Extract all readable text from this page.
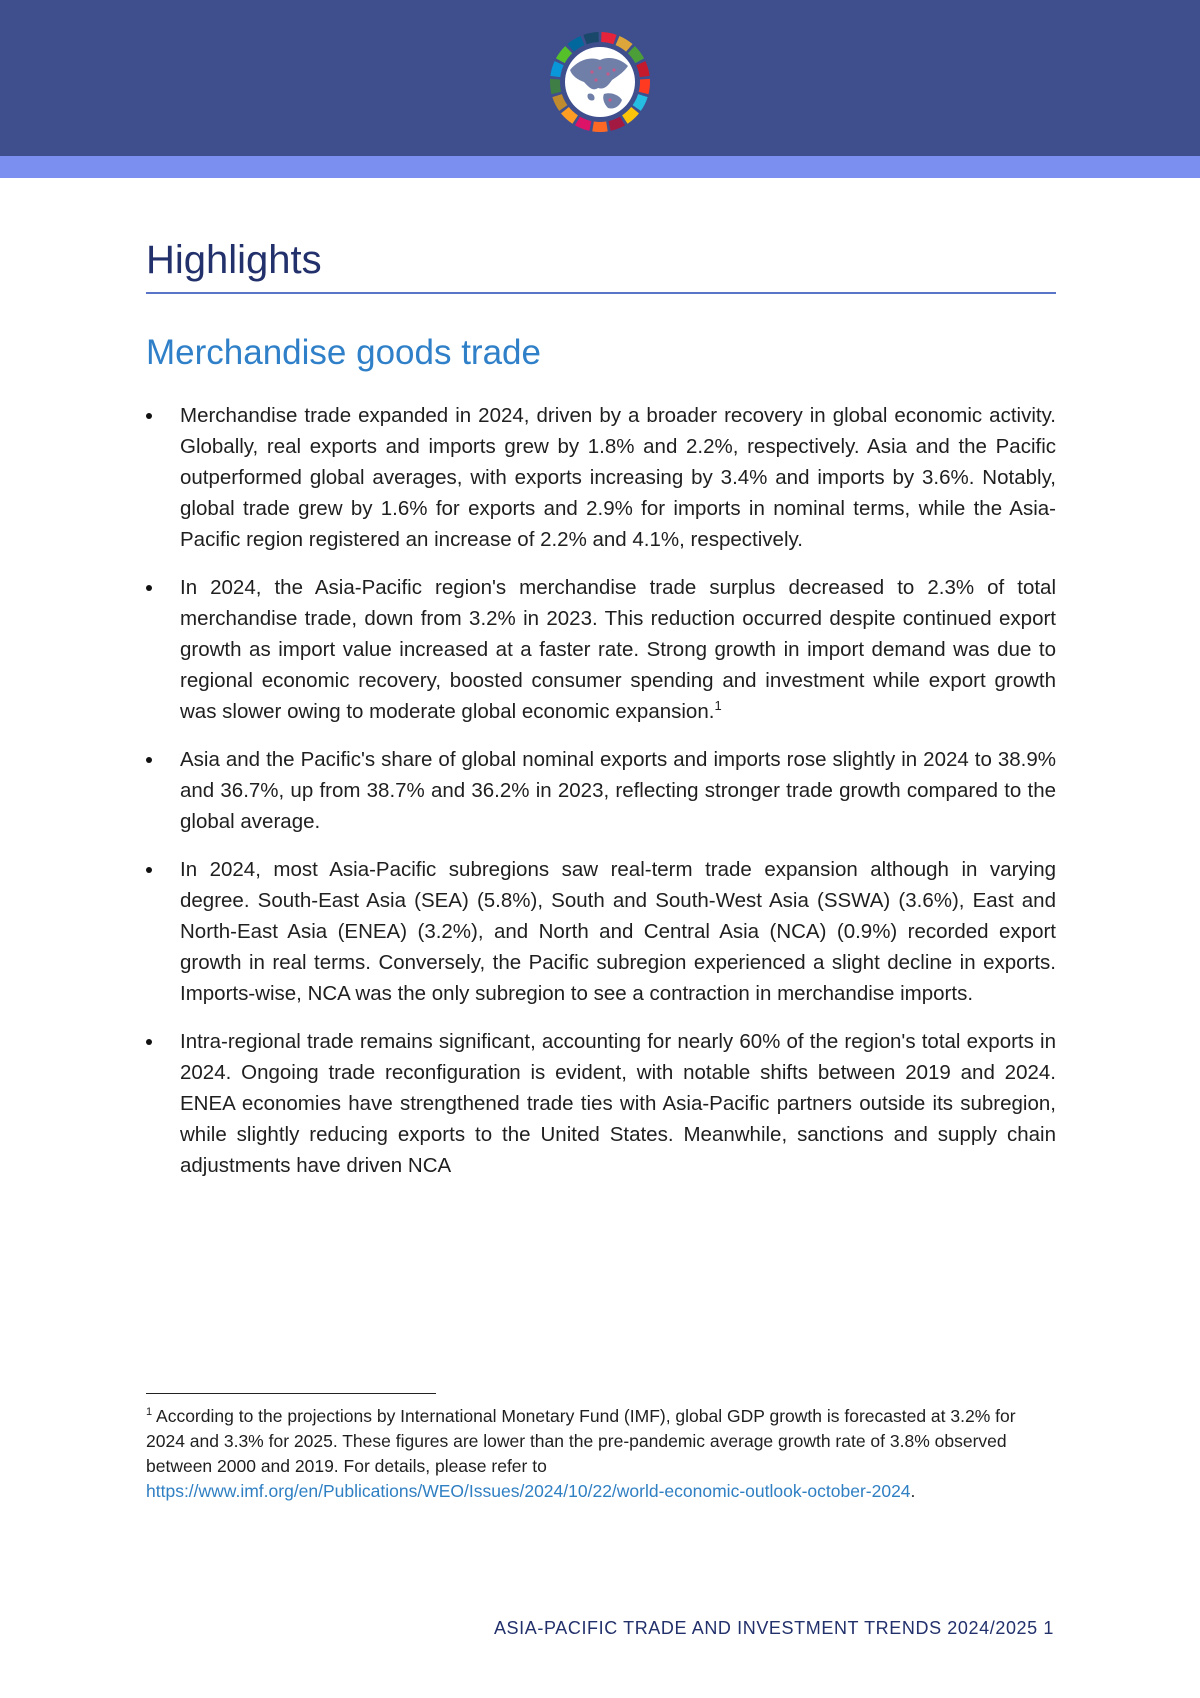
Highlights
Merchandise goods trade
Merchandise trade expanded in 2024, driven by a broader recovery in global economic activity. Globally, real exports and imports grew by 1.8% and 2.2%, respectively. Asia and the Pacific outperformed global averages, with exports increasing by 3.4% and imports by 3.6%. Notably, global trade grew by 1.6% for exports and 2.9% for imports in nominal terms, while the Asia-Pacific region registered an increase of 2.2% and 4.1%, respectively.
In 2024, the Asia-Pacific region's merchandise trade surplus decreased to 2.3% of total merchandise trade, down from 3.2% in 2023. This reduction occurred despite continued export growth as import value increased at a faster rate. Strong growth in import demand was due to regional economic recovery, boosted consumer spending and investment while export growth was slower owing to moderate global economic expansion.$^1$
Asia and the Pacific's share of global nominal exports and imports rose slightly in 2024 to 38.9% and 36.7%, up from 38.7% and 36.2% in 2023, reflecting stronger trade growth compared to the global average.
In 2024, most Asia-Pacific subregions saw real-term trade expansion although in varying degree. South-East Asia (SEA) (5.8%), South and South-West Asia (SSWA) (3.6%), East and North-East Asia (ENEA) (3.2%), and North and Central Asia (NCA) (0.9%) recorded export growth in real terms. Conversely, the Pacific subregion experienced a slight decline in exports. Imports-wise, NCA was the only subregion to see a contraction in merchandise imports.
Intra-regional trade remains significant, accounting for nearly 60% of the region's total exports in 2024. Ongoing trade reconfiguration is evident, with notable shifts between 2019 and 2024. ENEA economies have strengthened trade ties with Asia-Pacific partners outside its subregion, while slightly reducing exports to the United States. Meanwhile, sanctions and supply chain adjustments have driven NCA

$^1$ According to the projections by International Monetary Fund (IMF), global GDP growth is forecasted at 3.2% for 2024 and 3.3% for 2025. These figures are lower than the pre-pandemic average growth rate of 3.8% observed between 2000 and 2019. For details, please refer to https://www.imf.org/en/Publications/WEO/Issues/2024/10/22/world-economic-outlook-october-2024.

ASIA-PACIFIC TRADE AND INVESTMENT TRENDS 2024/2025 1
